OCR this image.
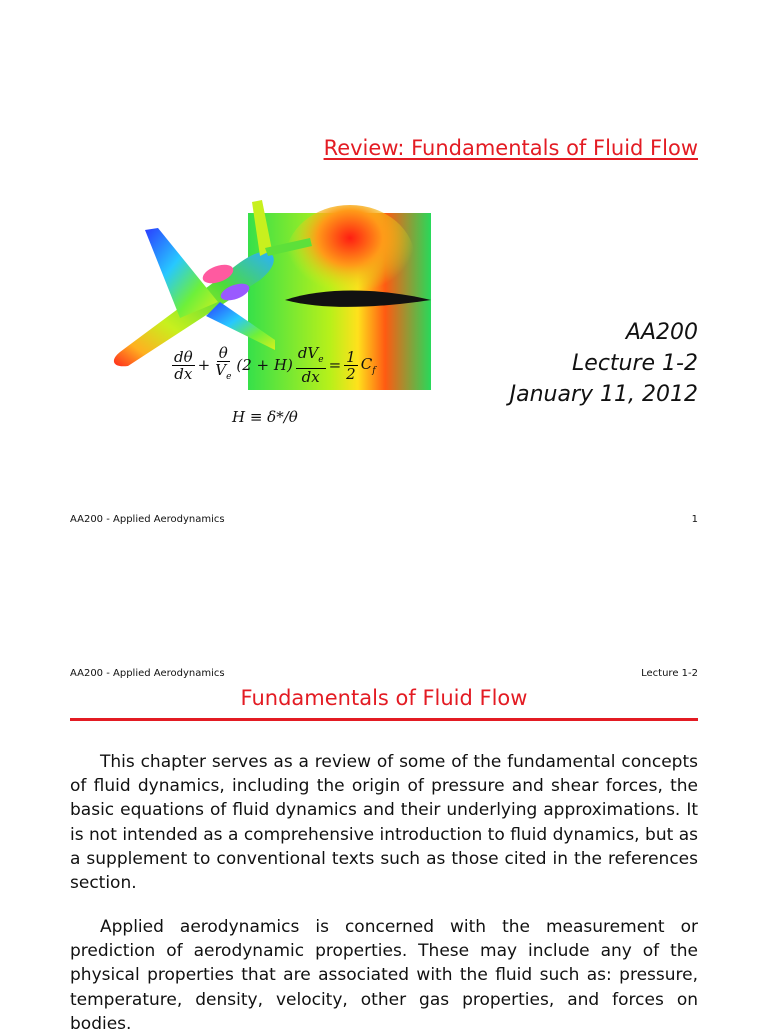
Review: Fundamentals of Fluid Flow
$\frac{d\theta}{dx} + \frac{\theta}{V_e} (2 + H) \frac{dV_e}{dx} = \frac{1}{2} C_f$
H ≡ δ*/θ
AA200
Lecture 1-2
January 11, 2012
AA200 - Applied Aerodynamics	1
AA200 - Applied Aerodynamics	Lecture 1-2
Fundamentals of Fluid Flow

This chapter serves as a review of some of the fundamental concepts of fluid dynamics, including the origin of pressure and shear forces, the basic equations of fluid dynamics and their underlying approximations. It is not intended as a comprehensive introduction to fluid dynamics, but as a supplement to conventional texts such as those cited in the references section.

Applied aerodynamics is concerned with the measurement or prediction of aerodynamic properties. These may include any of the physical properties that are associated with the fluid such as: pressure, temperature, density, velocity, other gas properties, and forces on bodies.
